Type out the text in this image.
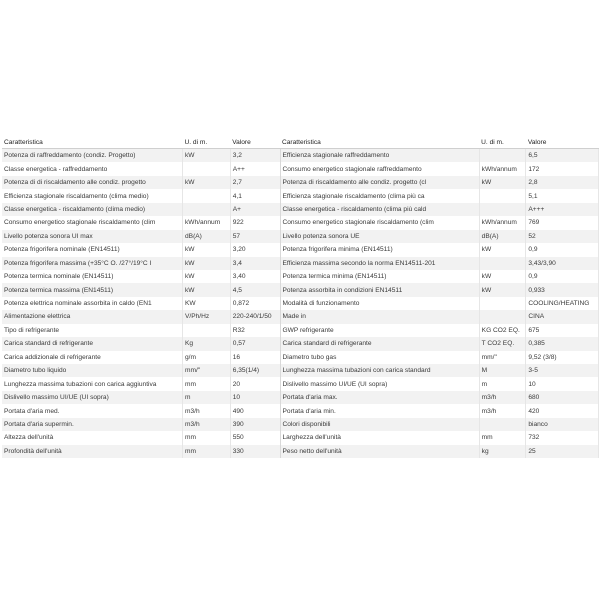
Caratteristica	U. di m.	Valore	Caratteristica	U. di m.	Valore
Potenza di raffreddamento (condiz. Progetto)	kW	3,2	Efficienza stagionale raffreddamento		6,5
Classe energetica - raffreddamento		A++	Consumo energetico stagionale raffreddamento	kWh/annum	172
Potenza di di riscaldamento alle condiz. progetto	kW	2,7	Potenza di riscaldamento alle condiz. progetto (cl	kW	2,8
Efficienza stagionale riscaldamento (clima medio)		4,1	Efficienza stagionale riscaldamento (clima più ca		5,1
Classe energetica - riscaldamento (clima medio)		A+	Classe energetica - riscaldamento (clima più cald		A+++
Consumo energetico stagionale riscaldamento (clim	kWh/annum	922	Consumo energetico stagionale riscaldamento (clim	kWh/annum	769
Livello potenza sonora UI max	dB(A)	57	Livello potenza sonora UE	dB(A)	52
Potenza frigorifera nominale (EN14511)	kW	3,20	Potenza frigorifera minima (EN14511)	kW	0,9
Potenza frigorifera massima (+35°C O. /27°/19°C I	kW	3,4	Efficienza massima secondo la norma EN14511-201		3,43/3,90
Potenza termica nominale (EN14511)	kW	3,40	Potenza termica minima (EN14511)	kW	0,9
Potenza termica massima (EN14511)	kW	4,5	Potenza assorbita in condizioni EN14511	kW	0,933
Potenza elettrica nominale assorbita in caldo (EN1	KW	0,872	Modalità di funzionamento		COOLING/HEATING
Alimentazione elettrica	V/Ph/Hz	220-240/1/50	Made in		CINA
Tipo di refrigerante		R32	GWP refrigerante	KG CO2 EQ.	675
Carica standard di refrigerante	Kg	0,57	Carica standard di refrigerante	T CO2 EQ.	0,385
Carica addizionale di refrigerante	g/m	16	Diametro tubo gas	mm/"	9,52 (3/8)
Diametro tubo liquido	mm/"	6,35(1/4)	Lunghezza massima tubazioni con carica standard	M	3-5
Lunghezza massima tubazioni con carica aggiuntiva	mm	20	Dislivello massimo UI/UE (UI sopra)	m	10
Dislivello massimo UI/UE (UI sopra)	m	10	Portata d'aria max.	m3/h	680
Portata d'aria med.	m3/h	490	Portata d'aria min.	m3/h	420
Portata d'aria supermin.	m3/h	390	Colori disponibili		bianco
Altezza dell'unità	mm	550	Larghezza dell'unità	mm	732
Profondità dell'unità	mm	330	Peso netto dell'unità	kg	25
